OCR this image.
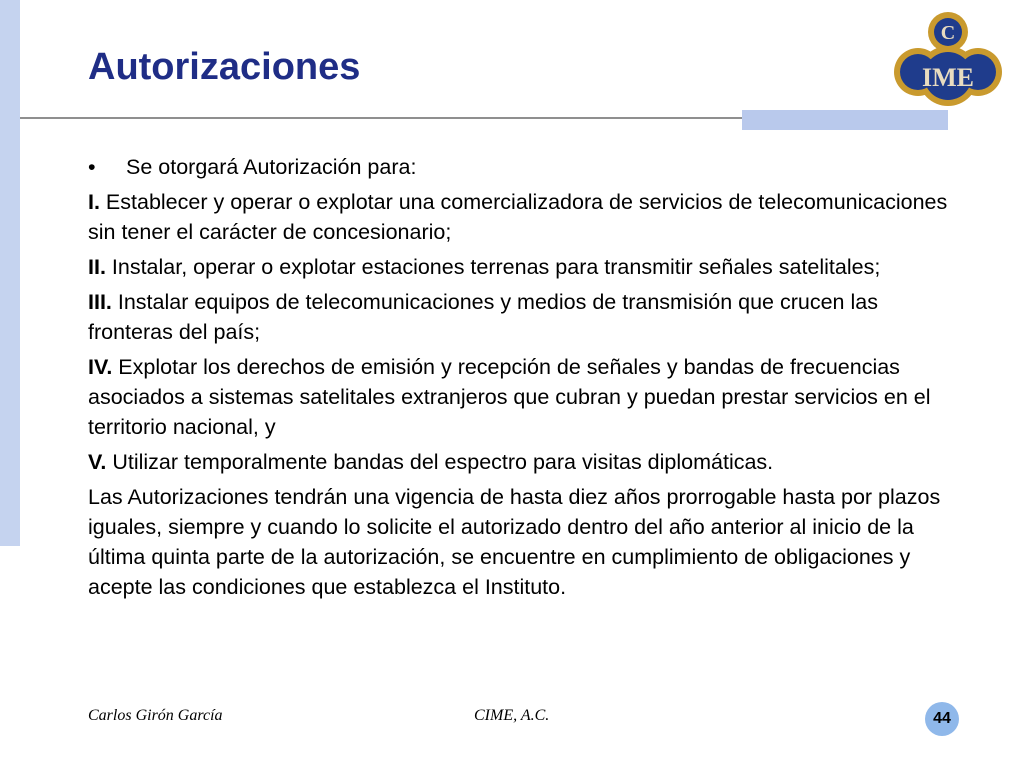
Autorizaciones
C
IME
• Se otorgará Autorización para:

I. Establecer y operar o explotar una comercializadora de servicios de telecomunicaciones sin tener el carácter de concesionario;

II. Instalar, operar o explotar estaciones terrenas para transmitir señales satelitales;

III. Instalar equipos de telecomunicaciones y medios de transmisión que crucen las fronteras del país;

IV. Explotar los derechos de emisión y recepción de señales y bandas de frecuencias asociados a sistemas satelitales extranjeros que cubran y puedan prestar servicios en el territorio nacional, y

V. Utilizar temporalmente bandas del espectro para visitas diplomáticas.

Las Autorizaciones tendrán una vigencia de hasta diez años prorrogable hasta por plazos iguales, siempre y cuando lo solicite el autorizado dentro del año anterior al inicio de la última quinta parte de la autorización, se encuentre en cumplimiento de obligaciones y acepte las condiciones que establezca el Instituto.

Carlos Girón García	CIME, A.C.	44
